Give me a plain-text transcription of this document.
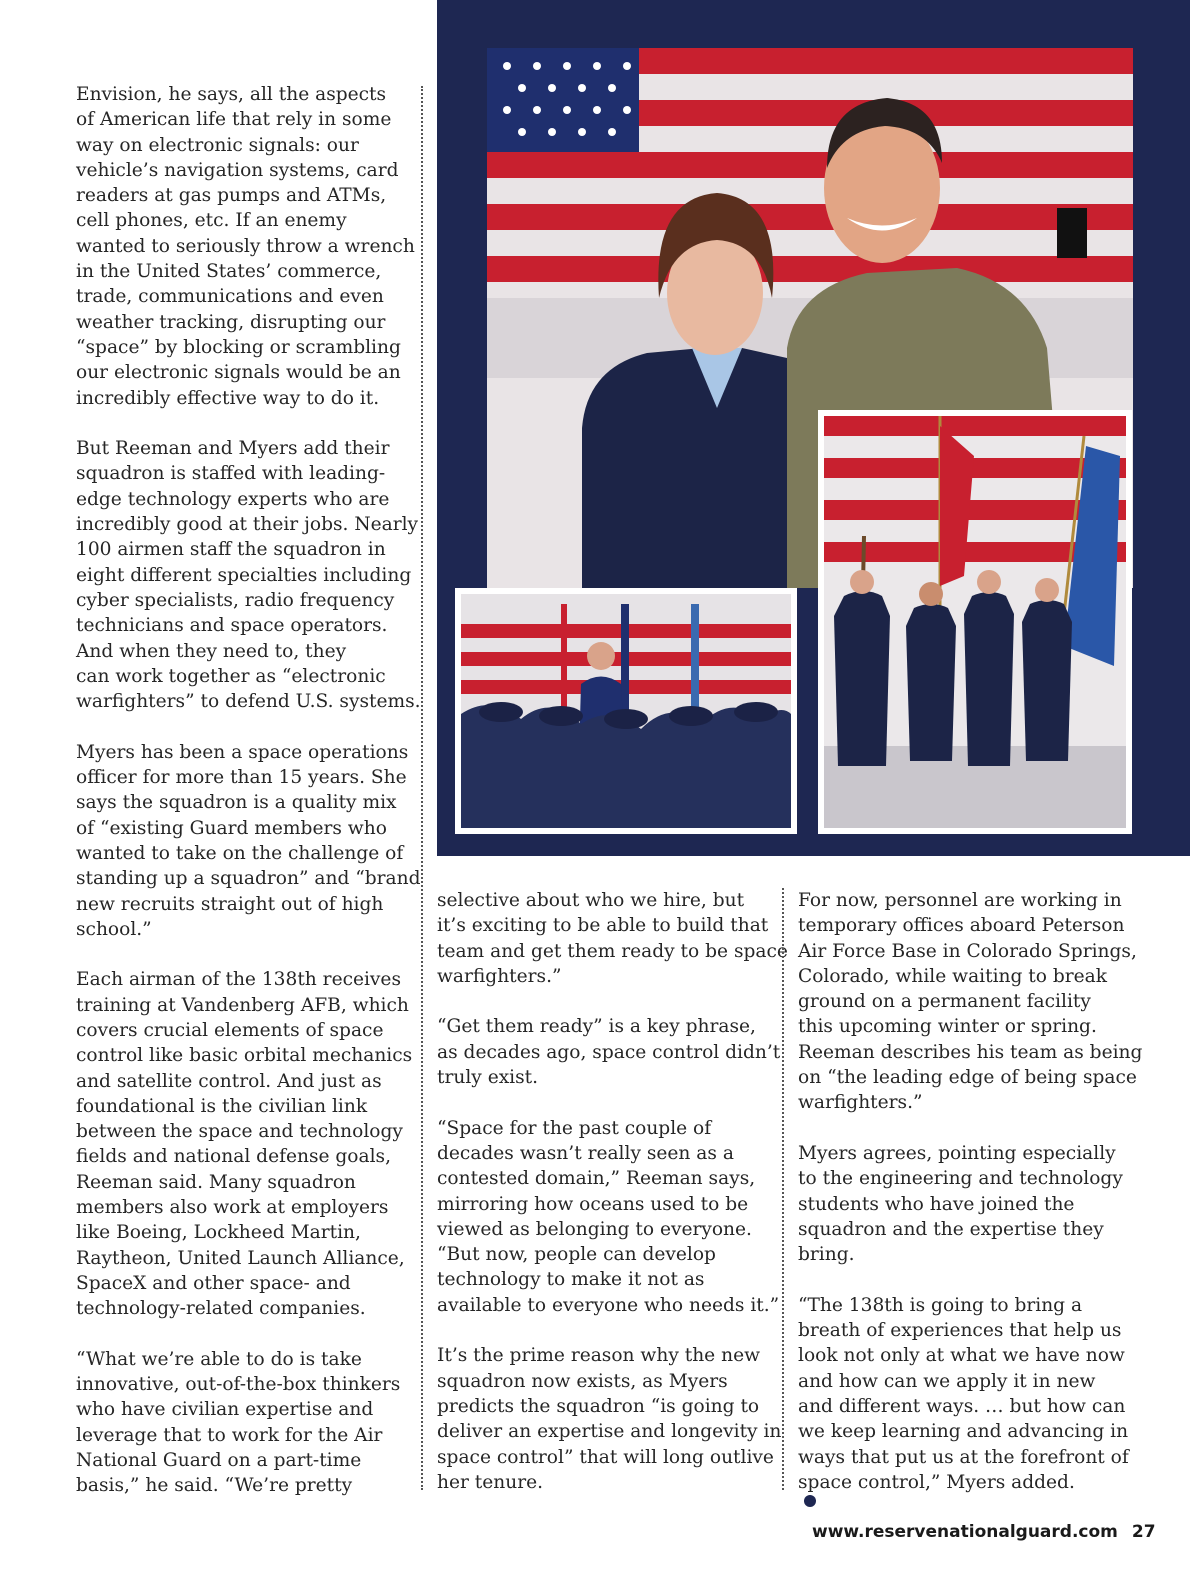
Envision, he says, all the aspects
of American life that rely in some
way on electronic signals: our
vehicle’s navigation systems, card
readers at gas pumps and ATMs,
cell phones, etc. If an enemy
wanted to seriously throw a wrench
in the United States’ commerce,
trade, communications and even
weather tracking, disrupting our
“space” by blocking or scrambling
our electronic signals would be an
incredibly effective way to do it.

But Reeman and Myers add their
squadron is staffed with leading-
edge technology experts who are
incredibly good at their jobs. Nearly
100 airmen staff the squadron in
eight different specialties including
cyber specialists, radio frequency
technicians and space operators.
And when they need to, they
can work together as “electronic
warfighters” to defend U.S. systems.

Myers has been a space operations
officer for more than 15 years. She
says the squadron is a quality mix
of “existing Guard members who
wanted to take on the challenge of
standing up a squadron” and “brand
new recruits straight out of high
school.”

Each airman of the 138th receives
training at Vandenberg AFB, which
covers crucial elements of space
control like basic orbital mechanics
and satellite control. And just as
foundational is the civilian link
between the space and technology
fields and national defense goals,
Reeman said. Many squadron
members also work at employers
like Boeing, Lockheed Martin,
Raytheon, United Launch Alliance,
SpaceX and other space- and
technology-related companies.

“What we’re able to do is take
innovative, out-of-the-box thinkers
who have civilian expertise and
leverage that to work for the Air
National Guard on a part-time
basis,” he said. “We’re pretty

selective about who we hire, but
it’s exciting to be able to build that
team and get them ready to be space
warfighters.”

“Get them ready” is a key phrase,
as decades ago, space control didn’t
truly exist.

“Space for the past couple of
decades wasn’t really seen as a
contested domain,” Reeman says,
mirroring how oceans used to be
viewed as belonging to everyone.
“But now, people can develop
technology to make it not as
available to everyone who needs it.”

It’s the prime reason why the new
squadron now exists, as Myers
predicts the squadron “is going to
deliver an expertise and longevity in
space control” that will long outlive
her tenure.

For now, personnel are working in
temporary offices aboard Peterson
Air Force Base in Colorado Springs,
Colorado, while waiting to break
ground on a permanent facility
this upcoming winter or spring.
Reeman describes his team as being
on “the leading edge of being space
warfighters.”

Myers agrees, pointing especially
to the engineering and technology
students who have joined the
squadron and the expertise they
bring.

“The 138th is going to bring a
breath of experiences that help us
look not only at what we have now
and how can we apply it in new
and different ways. … but how can
we keep learning and advancing in
ways that put us at the forefront of
space control,” Myers added.

www.reservenationalguard.com 27
